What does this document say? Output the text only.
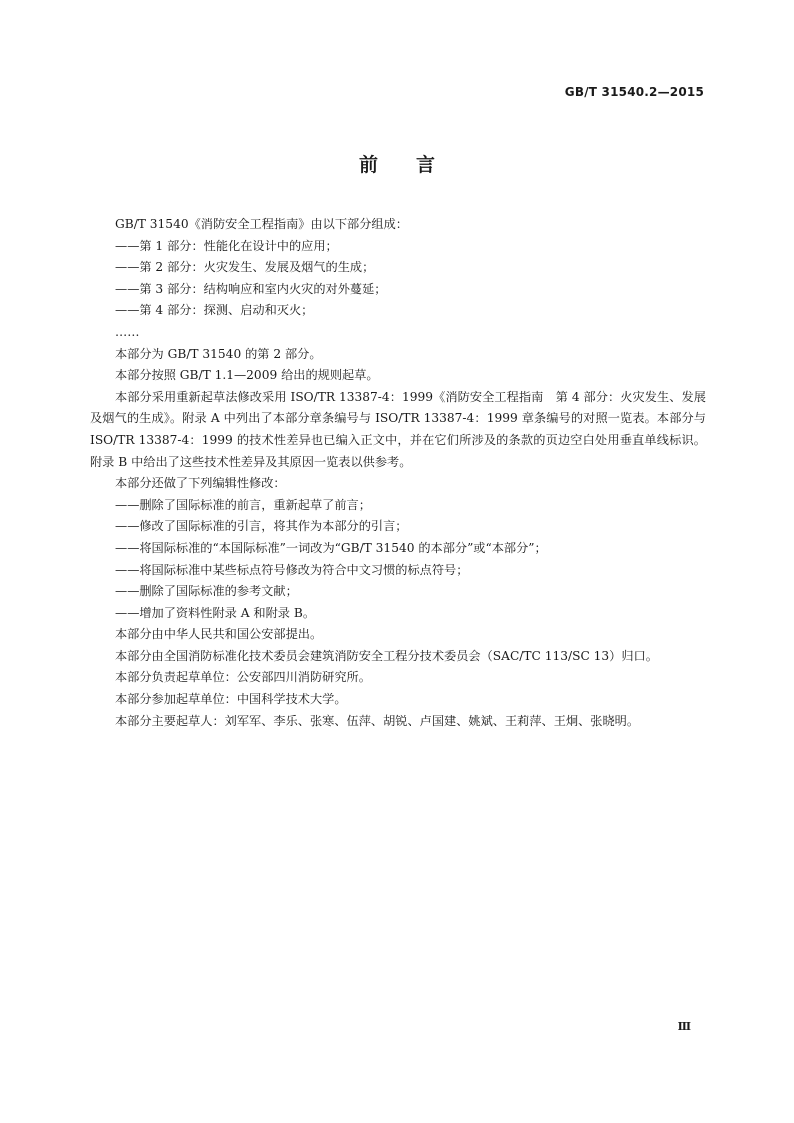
GB/T 31540.2—2015
前言

GB/T 31540《消防安全工程指南》由以下部分组成：

——第 1 部分：性能化在设计中的应用；

——第 2 部分：火灾发生、发展及烟气的生成；

——第 3 部分：结构响应和室内火灾的对外蔓延；

——第 4 部分：探测、启动和灭火；

……

本部分为 GB/T 31540 的第 2 部分。

本部分按照 GB/T 1.1—2009 给出的规则起草。

本部分采用重新起草法修改采用 ISO/TR 13387-4：1999《消防安全工程指南　第 4 部分：火灾发生、发展及烟气的生成》。附录 A 中列出了本部分章条编号与 ISO/TR 13387-4：1999 章条编号的对照一览表。本部分与 ISO/TR 13387-4：1999 的技术性差异也已编入正文中，并在它们所涉及的条款的页边空白处用垂直单线标识。附录 B 中给出了这些技术性差异及其原因一览表以供参考。

本部分还做了下列编辑性修改：

——删除了国际标准的前言，重新起草了前言；

——修改了国际标准的引言，将其作为本部分的引言；

——将国际标准的“本国际标准”一词改为“GB/T 31540 的本部分”或“本部分”；

——将国际标准中某些标点符号修改为符合中文习惯的标点符号；

——删除了国际标准的参考文献；

——增加了资料性附录 A 和附录 B。

本部分由中华人民共和国公安部提出。

本部分由全国消防标准化技术委员会建筑消防安全工程分技术委员会（SAC/TC 113/SC 13）归口。

本部分负责起草单位：公安部四川消防研究所。

本部分参加起草单位：中国科学技术大学。

本部分主要起草人：刘军军、李乐、张寒、伍萍、胡锐、卢国建、姚斌、王莉萍、王炯、张晓明。

Ⅲ
